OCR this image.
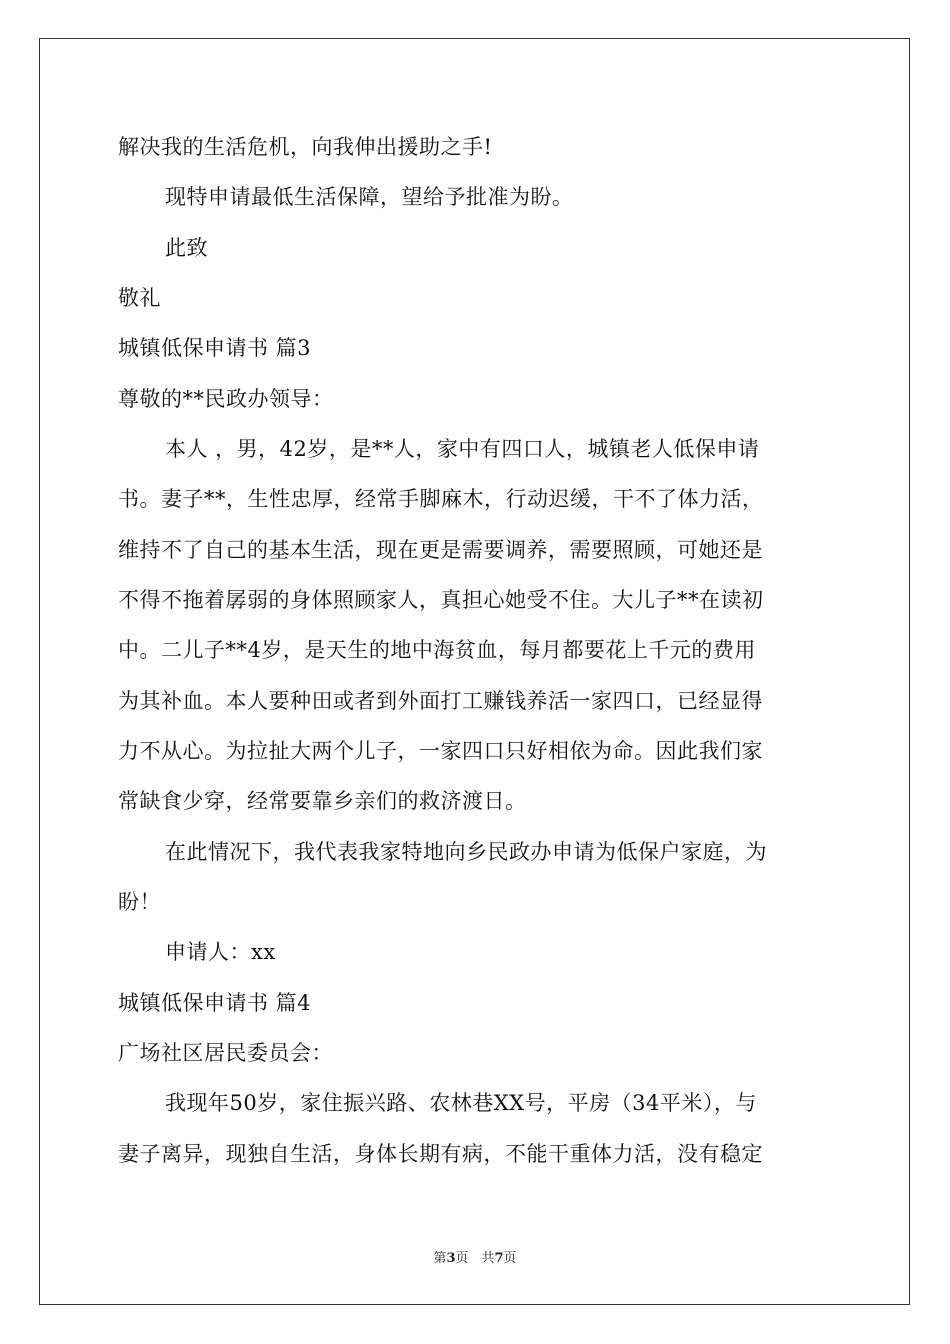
解决我的生活危机，向我伸出援助之手!
现特申请最低生活保障，望给予批准为盼。
此致
敬礼
城镇低保申请书 篇3
尊敬的**民政办领导：
本人 ，男，42岁，是**人，家中有四口人，城镇老人低保申请
书。妻子**，生性忠厚，经常手脚麻木，行动迟缓，干不了体力活，
维持不了自己的基本生活，现在更是需要调养，需要照顾，可她还是
不得不拖着孱弱的身体照顾家人，真担心她受不住。大儿子**在读初
中。二儿子**4岁，是天生的地中海贫血，每月都要花上千元的费用
为其补血。本人要种田或者到外面打工赚钱养活一家四口，已经显得
力不从心。为拉扯大两个儿子，一家四口只好相依为命。因此我们家
常缺食少穿，经常要靠乡亲们的救济渡日。
在此情况下，我代表我家特地向乡民政办申请为低保户家庭，为
盼！
申请人：xx
城镇低保申请书 篇4
广场社区居民委员会：
我现年50岁，家住振兴路、农林巷XX号，平房（34平米），与
妻子离异，现独自生活，身体长期有病，不能干重体力活，没有稳定
第3页　共7页
